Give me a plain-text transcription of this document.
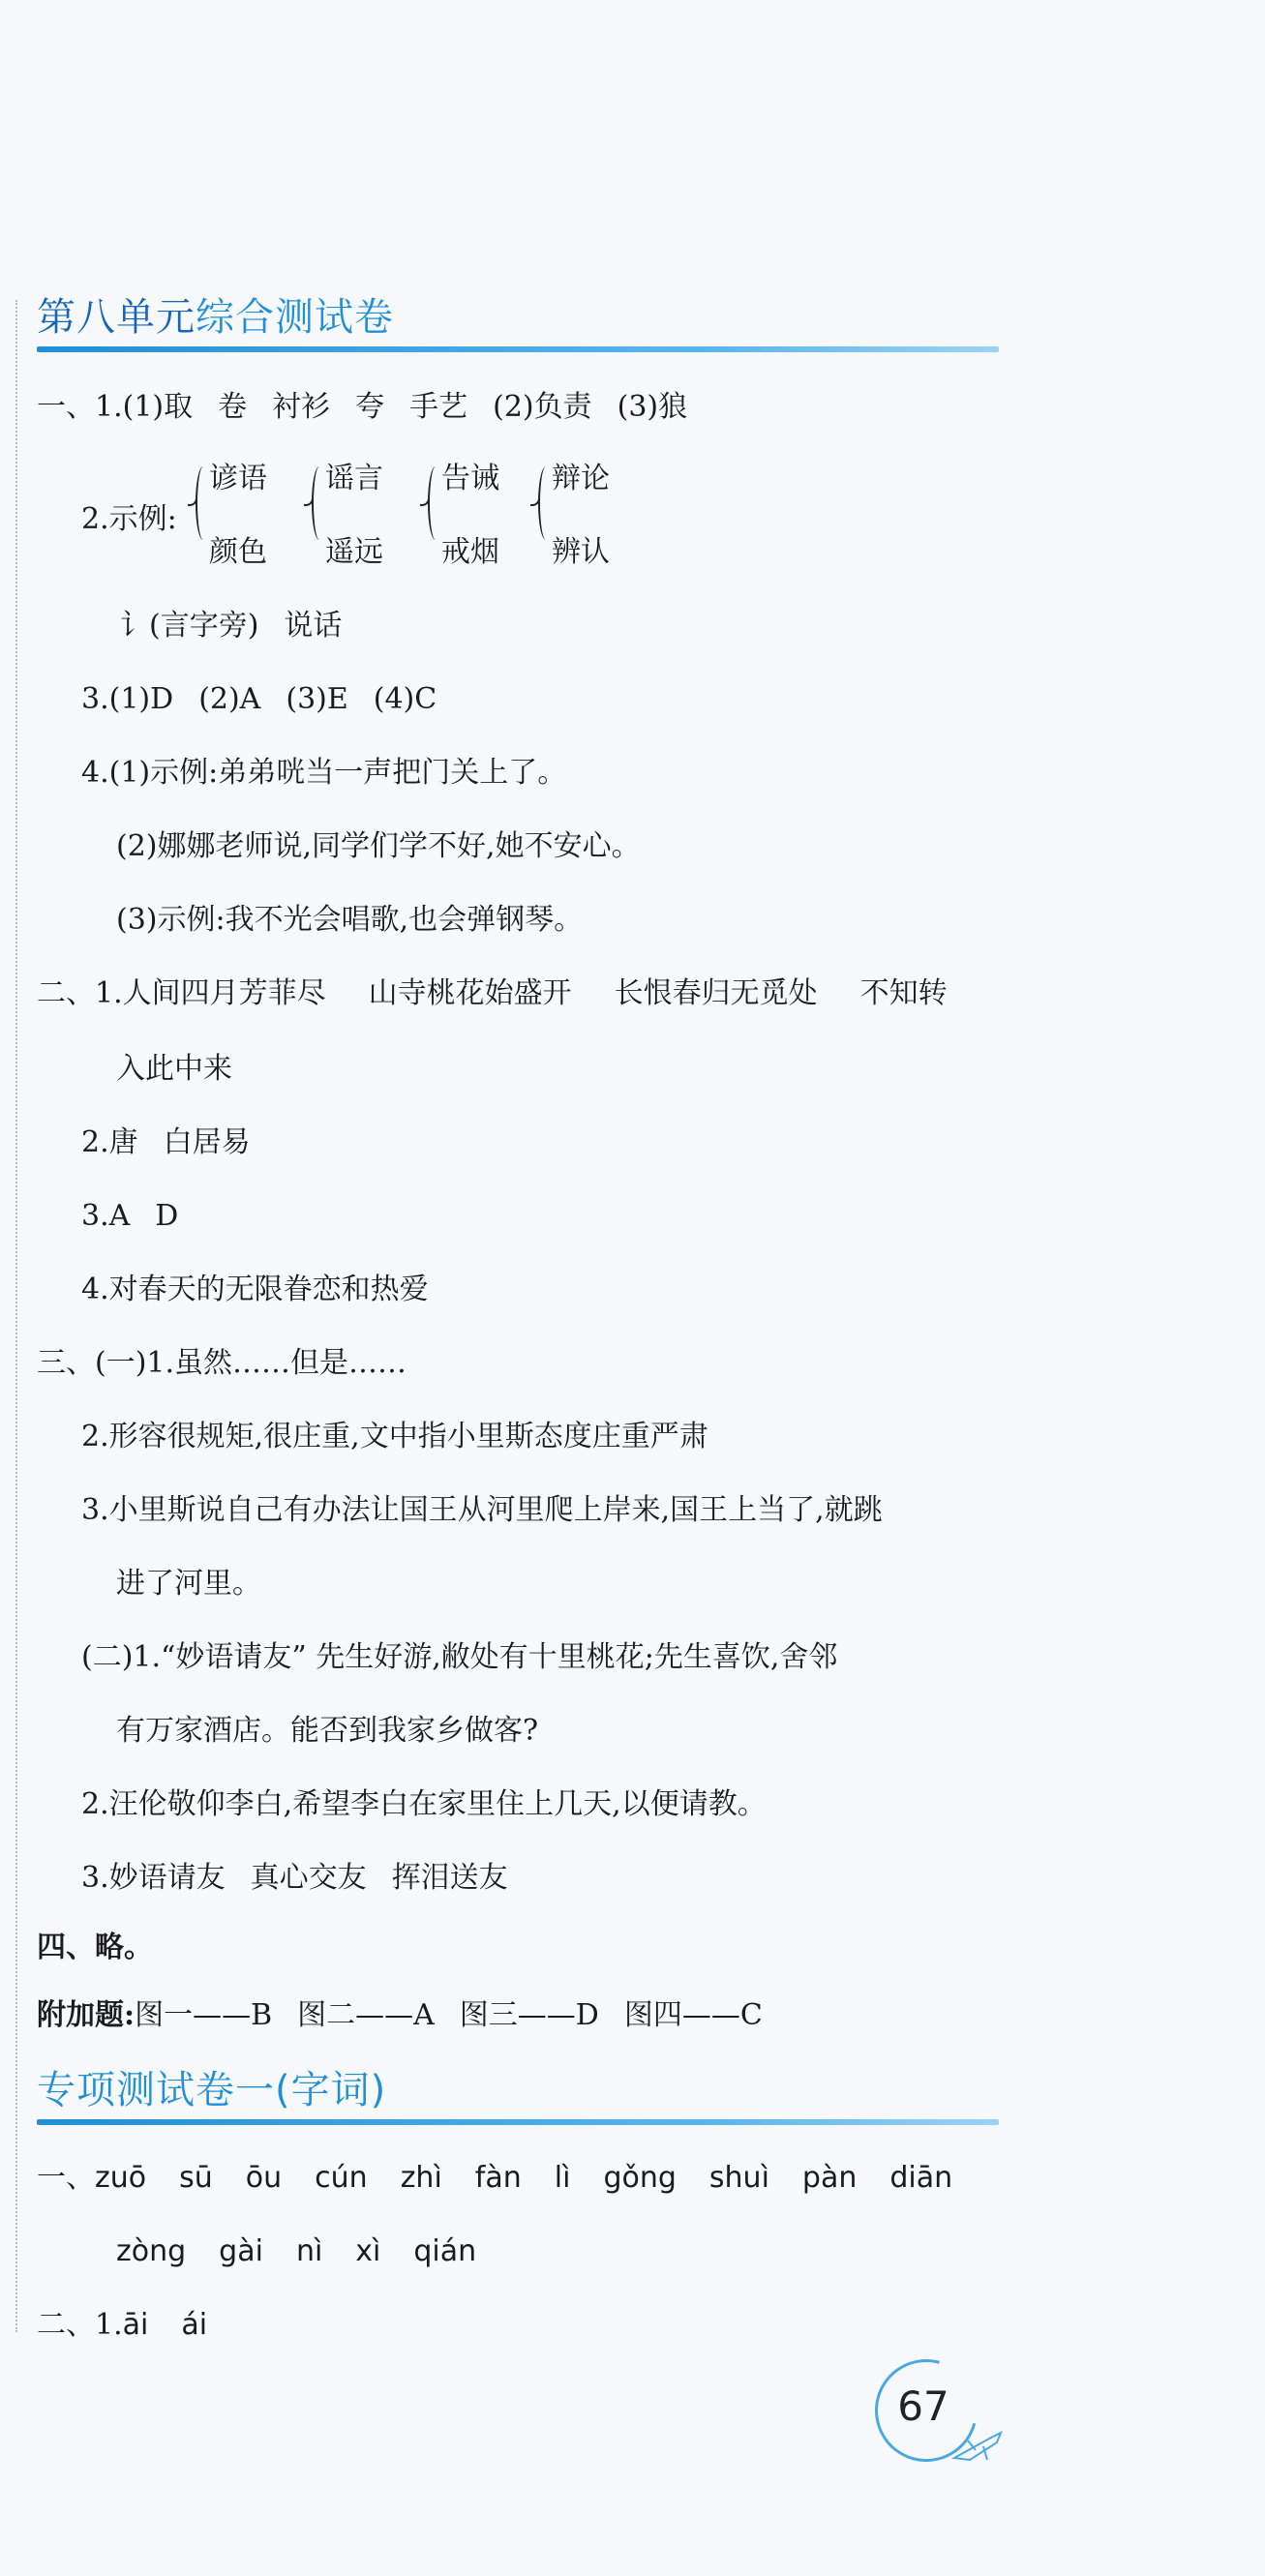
第八单元综合测试卷
一、1.(1)取 卷 衬衫 夸 手艺 (2)负责 (3)狼
2.示例:
谚语
颜色
谣言
遥远
告诫
戒烟
辩论
辨认
讠(言字旁) 说话
3.(1)D (2)A (3)E (4)C
4.(1)示例:弟弟咣当一声把门关上了。
(2)娜娜老师说,同学们学不好,她不安心。
(3)示例:我不光会唱歌,也会弹钢琴。
二、1.人间四月芳菲尽 山寺桃花始盛开 长恨春归无觅处 不知转
入此中来
2.唐 白居易
3.A D
4.对春天的无限眷恋和热爱
三、(一)1.虽然……但是……
2.形容很规矩,很庄重,文中指小里斯态度庄重严肃
3.小里斯说自己有办法让国王从河里爬上岸来,国王上当了,就跳
进了河里。
(二)1.“妙语请友” 先生好游,敝处有十里桃花;先生喜饮,舍邻
有万家酒店。能否到我家乡做客?
2.汪伦敬仰李白,希望李白在家里住上几天,以便请教。
3.妙语请友 真心交友 挥泪送友
四、略。
附加题:图一——B 图二——A 图三——D 图四——C
专项测试卷一(字词)
一、zuō sū ōu cún zhì fàn lì gǒng shuì pàn diān
zòng gài nì xì qián
二、1.āi ái
67
